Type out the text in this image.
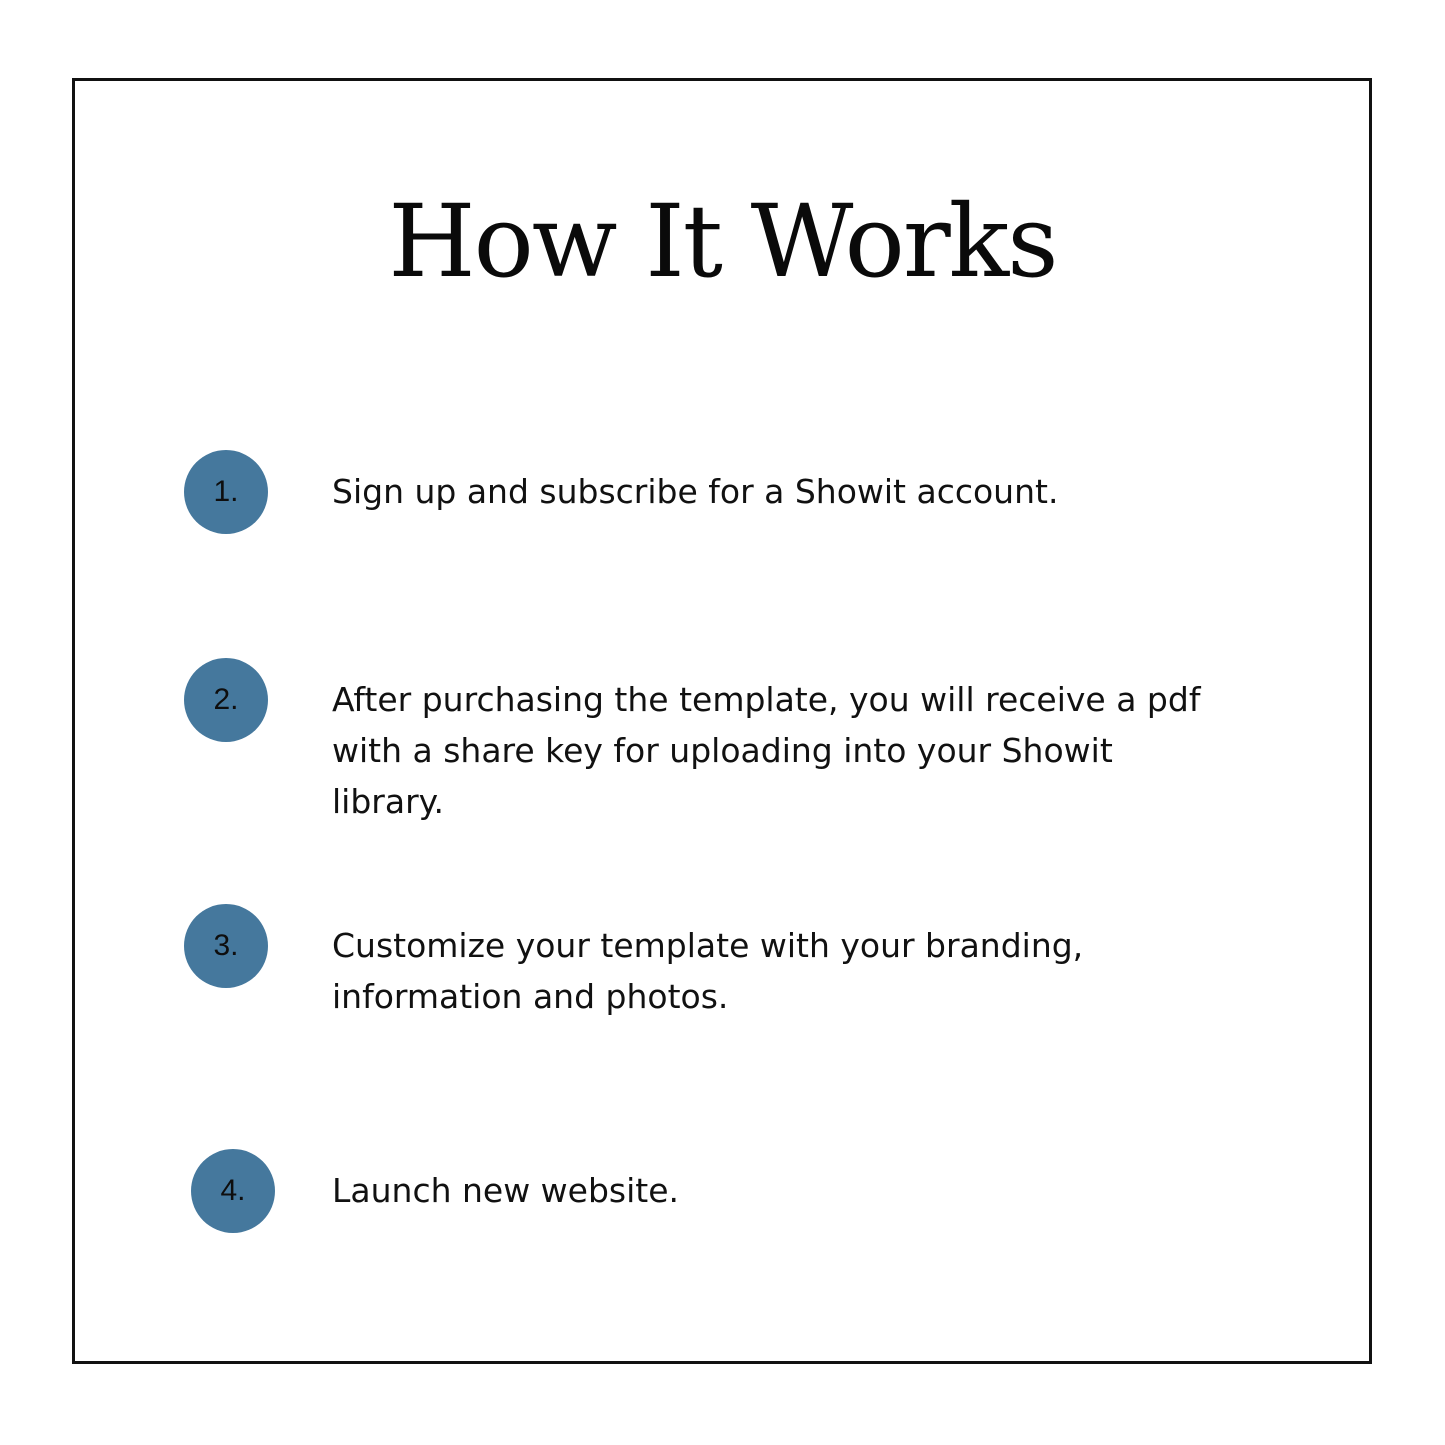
How It Works
1.	Sign up and subscribe for a Showit account.

2.	After purchasing the template, you will receive a pdf with a share key for uploading into your Showit library.

3.	Customize your template with your branding, information and photos.

4.	Launch new website.
